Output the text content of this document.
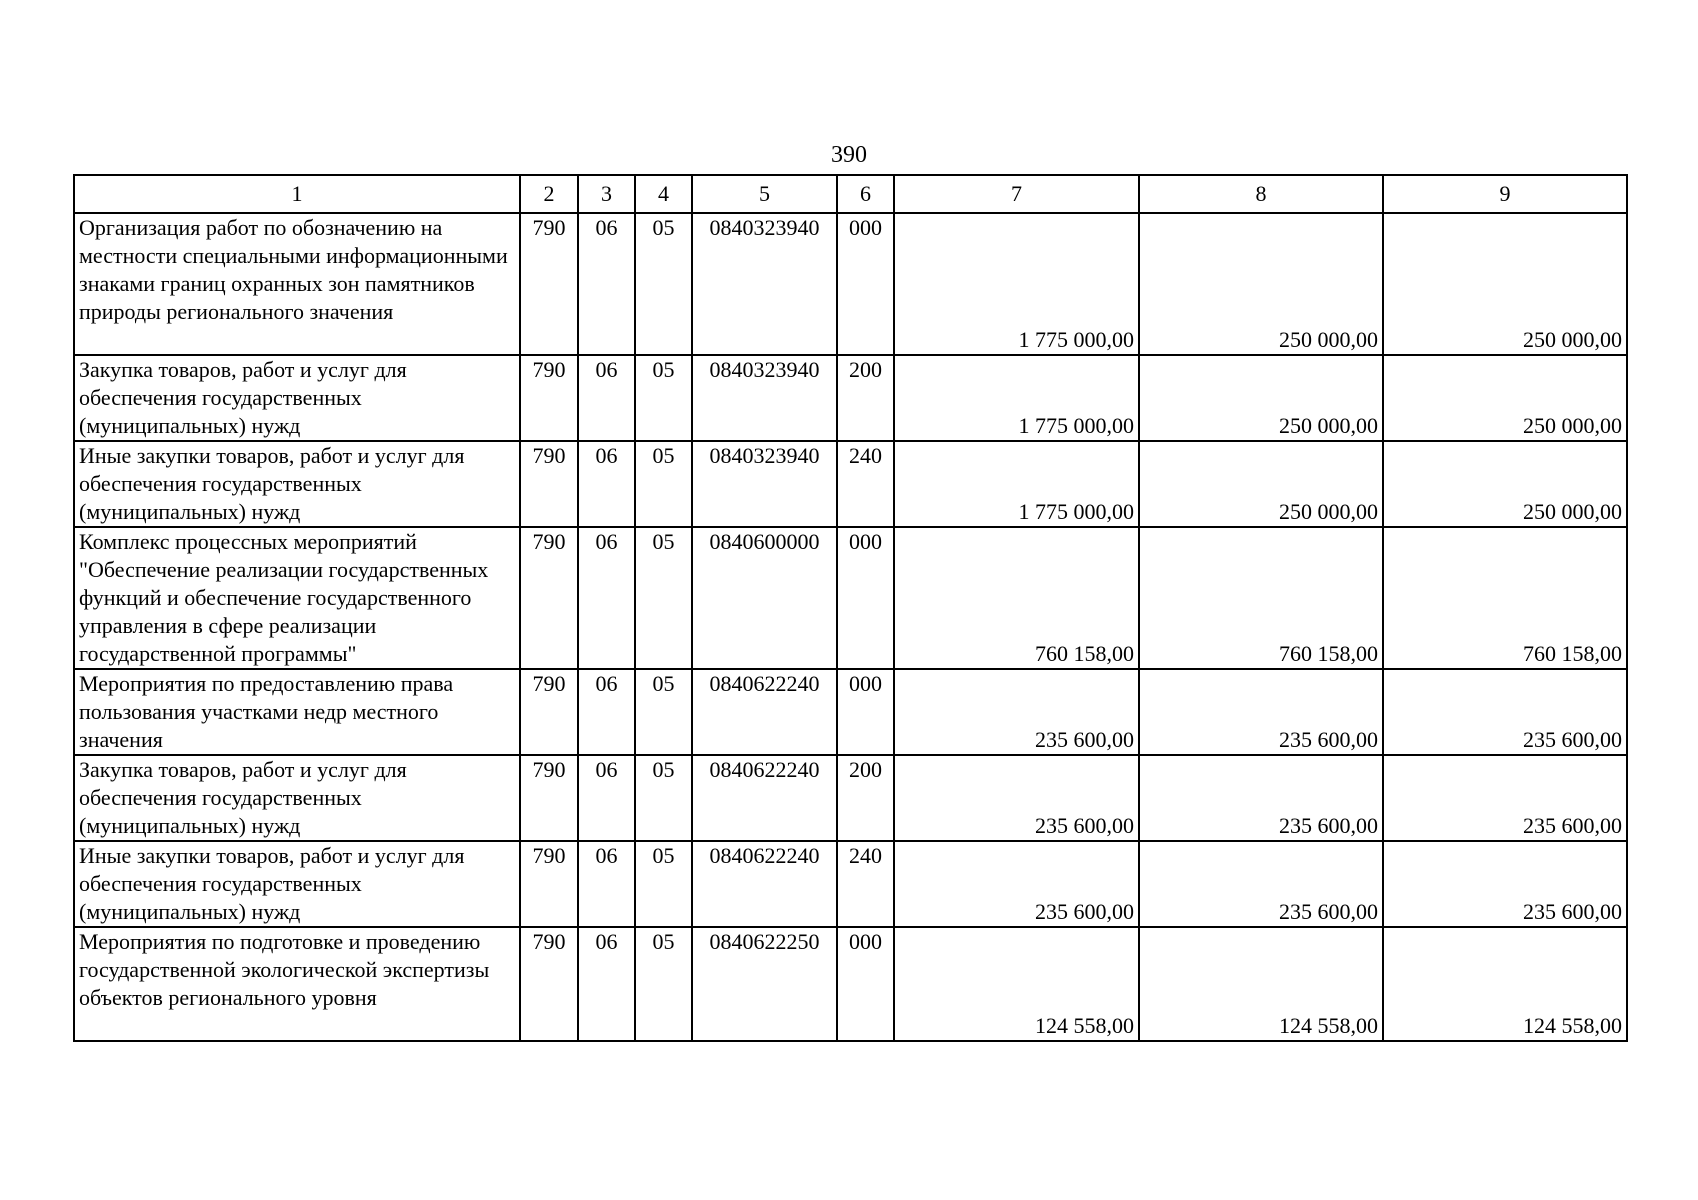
390
1	2	3	4	5	6	7	8	9
Организация работ по обозначению на местности специальными информационными знаками границ охранных зон памятников природы регионального значения	790	06	05	0840323940	000	1 775 000,00	250 000,00	250 000,00
Закупка товаров, работ и услуг для обеспечения государственных (муниципальных) нужд	790	06	05	0840323940	200	1 775 000,00	250 000,00	250 000,00
Иные закупки товаров, работ и услуг для обеспечения государственных (муниципальных) нужд	790	06	05	0840323940	240	1 775 000,00	250 000,00	250 000,00
Комплекс процессных мероприятий "Обеспечение реализации государственных функций и обеспечение государственного управления в сфере реализации государственной программы"	790	06	05	0840600000	000	760 158,00	760 158,00	760 158,00
Мероприятия по предоставлению права пользования участками недр местного значения	790	06	05	0840622240	000	235 600,00	235 600,00	235 600,00
Закупка товаров, работ и услуг для обеспечения государственных (муниципальных) нужд	790	06	05	0840622240	200	235 600,00	235 600,00	235 600,00
Иные закупки товаров, работ и услуг для обеспечения государственных (муниципальных) нужд	790	06	05	0840622240	240	235 600,00	235 600,00	235 600,00
Мероприятия по подготовке и проведению государственной экологической экспертизы объектов регионального уровня	790	06	05	0840622250	000	124 558,00	124 558,00	124 558,00
